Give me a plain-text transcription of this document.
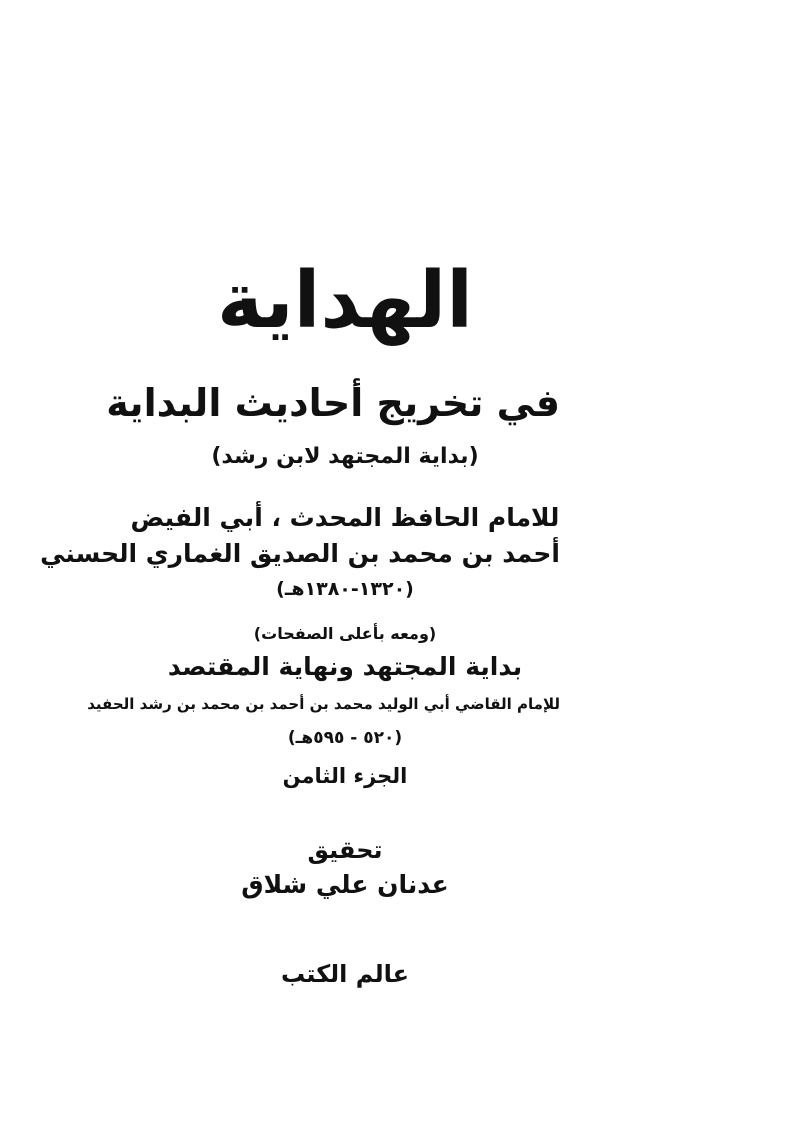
الهداية
في تخريج أحاديث البداية
(بداية المجتهد لابن رشد)
للامام الحافظ المحدث ، أبي الفيض
أحمد بن محمد بن الصديق الغماري الحسني
(١٣٢٠-١٣٨٠هـ)
(ومعه بأعلى الصفحات)
بداية المجتهد ونهاية المقتصد
للإمام القاضي أبي الوليد محمد بن أحمد بن محمد بن رشد الحفيد
(٥٢٠ - ٥٩٥هـ)
الجزء الثامن
تحقيق
عدنان علي شلاق
عالم الكتب
